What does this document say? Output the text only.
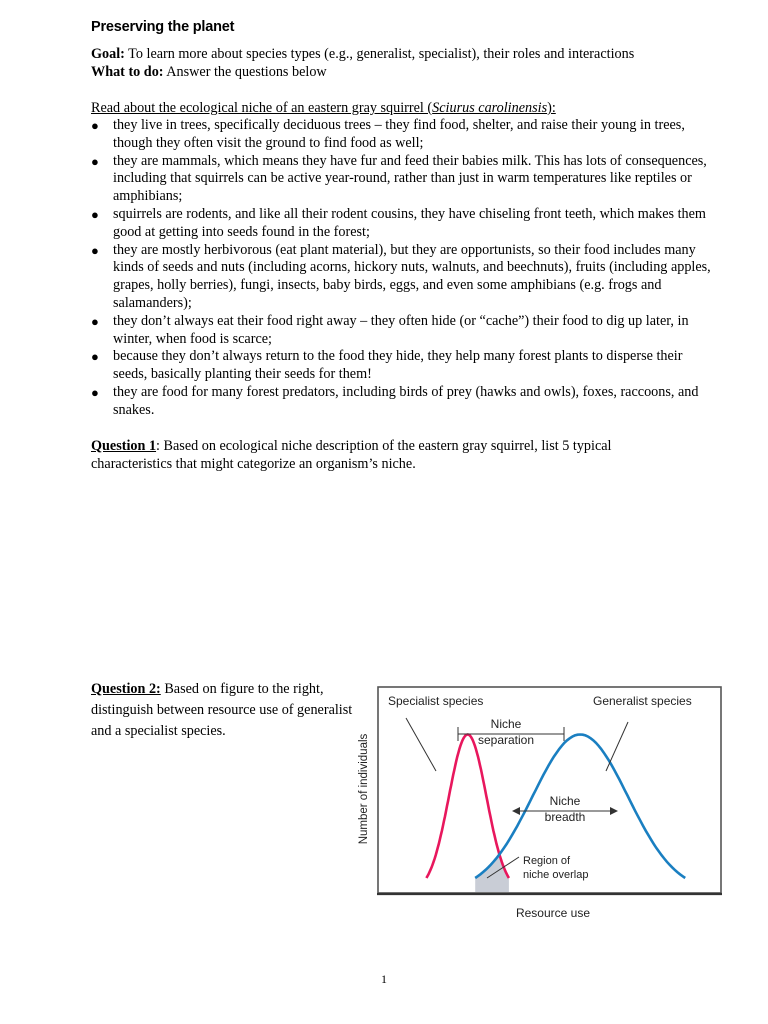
Preserving the planet
Goal: To learn more about species types (e.g., generalist, specialist), their roles and interactions
What to do: Answer the questions below
Read about the ecological niche of an eastern gray squirrel (Sciurus carolinensis):
● they live in trees, specifically deciduous trees – they find food, shelter, and raise their young in trees, though they often visit the ground to find food as well;
● they are mammals, which means they have fur and feed their babies milk. This has lots of consequences, including that squirrels can be active year-round, rather than just in warm temperatures like reptiles or amphibians;
● squirrels are rodents, and like all their rodent cousins, they have chiseling front teeth, which makes them good at getting into seeds found in the forest;
● they are mostly herbivorous (eat plant material), but they are opportunists, so their food includes many kinds of seeds and nuts (including acorns, hickory nuts, walnuts, and beechnuts), fruits (including apples, grapes, holly berries), fungi, insects, baby birds, eggs, and even some amphibians (e.g. frogs and salamanders);
● they don’t always eat their food right away – they often hide (or “cache”) their food to dig up later, in winter, when food is scarce;
● because they don’t always return to the food they hide, they help many forest plants to disperse their seeds, basically planting their seeds for them!
● they are food for many forest predators, including birds of prey (hawks and owls), foxes, raccoons, and snakes.
Question 1: Based on ecological niche description of the eastern gray squirrel, list 5 typical characteristics that might categorize an organism’s niche.
Question 2: Based on figure to the right, distinguish between resource use of generalist and a specialist species.
Specialist species	Generalist species
Niche
separation
Niche
breadth
Region of
niche overlap
Number of individuals
Resource use
1
